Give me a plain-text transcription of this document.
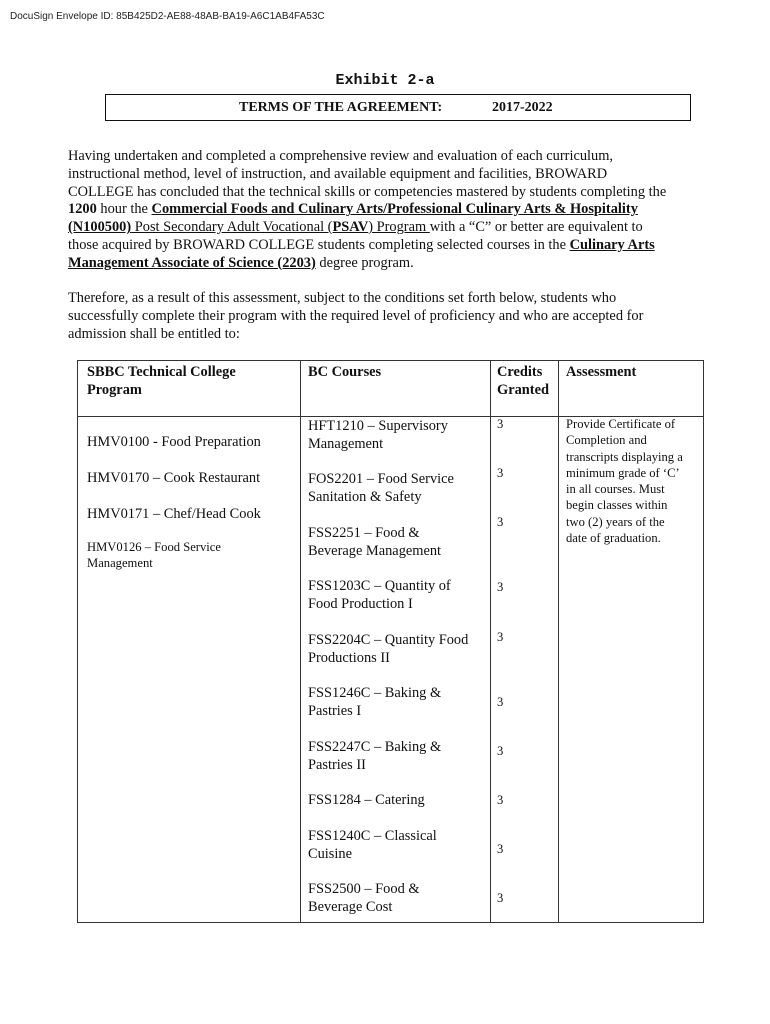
DocuSign Envelope ID: 85B425D2-AE88-48AB-BA19-A6C1AB4FA53C
Exhibit 2-a
TERMS OF THE AGREEMENT:	2017-2022
Having undertaken and completed a comprehensive review and evaluation of each curriculum,
instructional method, level of instruction, and available equipment and facilities, BROWARD
COLLEGE has concluded that the technical skills or competencies mastered by students completing the
1200 hour the Commercial Foods and Culinary Arts/Professional Culinary Arts & Hospitality
(N100500) Post Secondary Adult Vocational (PSAV) Program with a “C” or better are equivalent to
those acquired by BROWARD COLLEGE students completing selected courses in the Culinary Arts
Management Associate of Science (2203) degree program.
Therefore, as a result of this assessment, subject to the conditions set forth below, students who
successfully complete their program with the required level of proficiency and who are accepted for
admission shall be entitled to:
SBBC Technical College
Program
BC Courses	Credits
Granted
Assessment
HMV0100 - Food Preparation
HMV0170 – Cook Restaurant
HMV0171 – Chef/Head Cook
HMV0126 – Food Service
Management
HFT1210 – Supervisory
Management
FOS2201 – Food Service
Sanitation & Safety
FSS2251 – Food &
Beverage Management
FSS1203C – Quantity of
Food Production I
FSS2204C – Quantity Food
Productions II
FSS1246C – Baking &
Pastries I
FSS2247C – Baking &
Pastries II
FSS1284 – Catering
FSS1240C – Classical
Cuisine
FSS2500 – Food &
Beverage Cost
3
3
3
3
3
3
3
3
3
3
Provide Certificate of
Completion and
transcripts displaying a
minimum grade of ‘C’
in all courses. Must
begin classes within
two (2) years of the
date of graduation.
